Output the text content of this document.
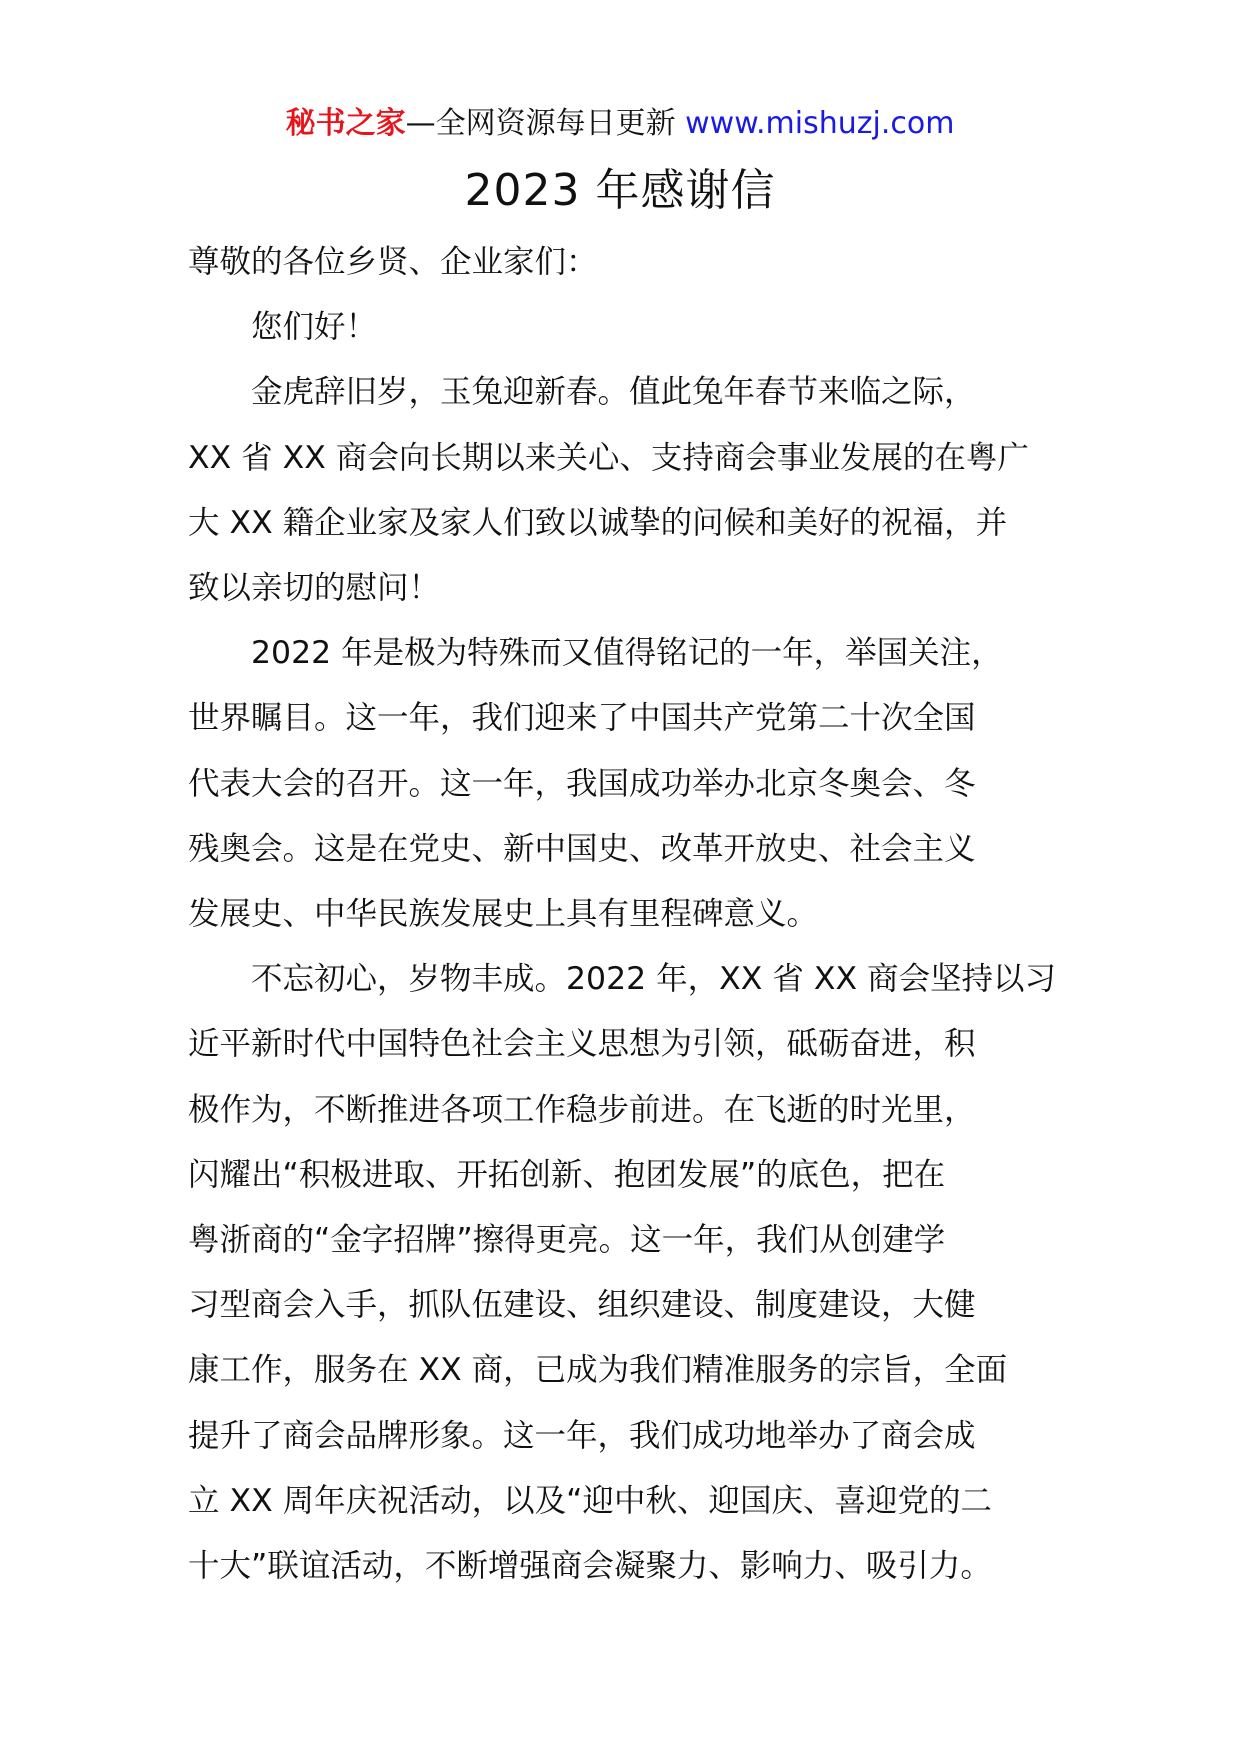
秘书之家—全网资源每日更新 www.mishuzj.com
2023 年感谢信

尊敬的各位乡贤、企业家们：

您们好！

金虎辞旧岁，玉兔迎新春。值此兔年春节来临之际，

XX 省 XX 商会向长期以来关心、支持商会事业发展的在粤广

大 XX 籍企业家及家人们致以诚挚的问候和美好的祝福，并

致以亲切的慰问！

2022 年是极为特殊而又值得铭记的一年，举国关注，

世界瞩目。这一年，我们迎来了中国共产党第二十次全国

代表大会的召开。这一年，我国成功举办北京冬奥会、冬

残奥会。这是在党史、新中国史、改革开放史、社会主义

发展史、中华民族发展史上具有里程碑意义。

不忘初心，岁物丰成。2022 年，XX 省 XX 商会坚持以习

近平新时代中国特色社会主义思想为引领，砥砺奋进，积

极作为，不断推进各项工作稳步前进。在飞逝的时光里，

闪耀出“积极进取、开拓创新、抱团发展”的底色，把在

粤浙商的“金字招牌”擦得更亮。这一年，我们从创建学

习型商会入手，抓队伍建设、组织建设、制度建设，大健

康工作，服务在 XX 商，已成为我们精准服务的宗旨，全面

提升了商会品牌形象。这一年，我们成功地举办了商会成

立 XX 周年庆祝活动，以及“迎中秋、迎国庆、喜迎党的二

十大”联谊活动，不断增强商会凝聚力、影响力、吸引力。
